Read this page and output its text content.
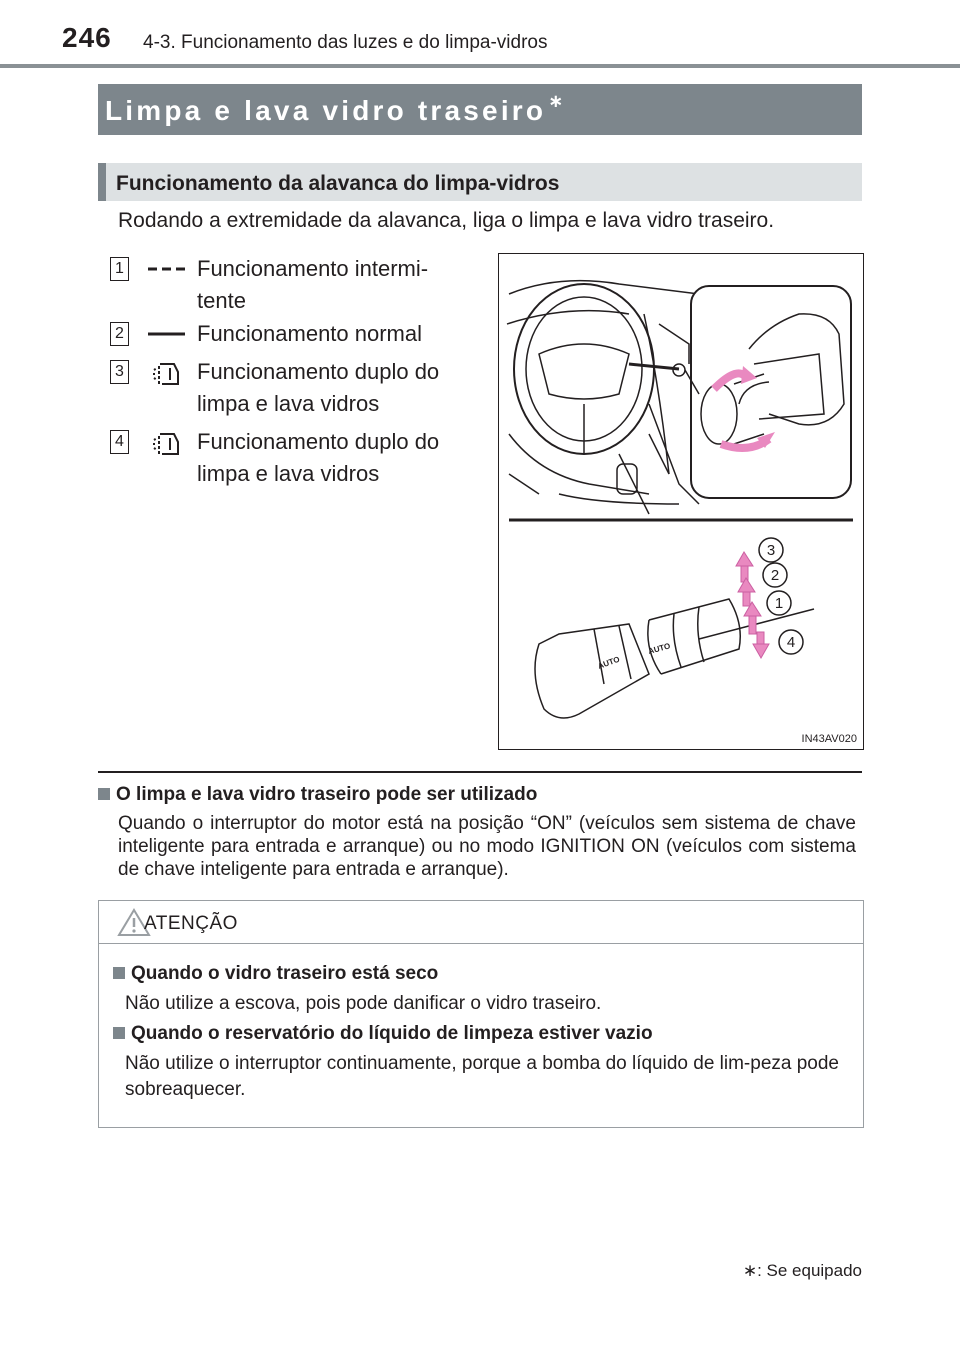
246 4-3. Funcionamento das luzes e do limpa-vidros
Limpa e lava vidro traseiro ∗
Funcionamento da alavanca do limpa-vidros
Rodando a extremidade da alavanca, liga o limpa e lava vidro traseiro.
1	Funcionamento intermi-
tente
2	Funcionamento normal
3	Funcionamento duplo do
limpa e lava vidros
4	Funcionamento duplo do
limpa e lava vidros
AUTO
AUTO
3
2
1
4
IN43AV020
O limpa e lava vidro traseiro pode ser utilizado
Quando o interruptor do motor está na posição “ON” (veículos sem sistema de chave inteligente para entrada e arranque) ou no modo IGNITION ON (veículos com sistema de chave inteligente para entrada e arranque).
ATENÇÃO
Quando o vidro traseiro está seco
Não utilize a escova, pois pode danificar o vidro traseiro.
Quando o reservatório do líquido de limpeza estiver vazio
Não utilize o interruptor continuamente, porque a bomba do líquido de lim-peza pode sobreaquecer.
∗: Se equipado
